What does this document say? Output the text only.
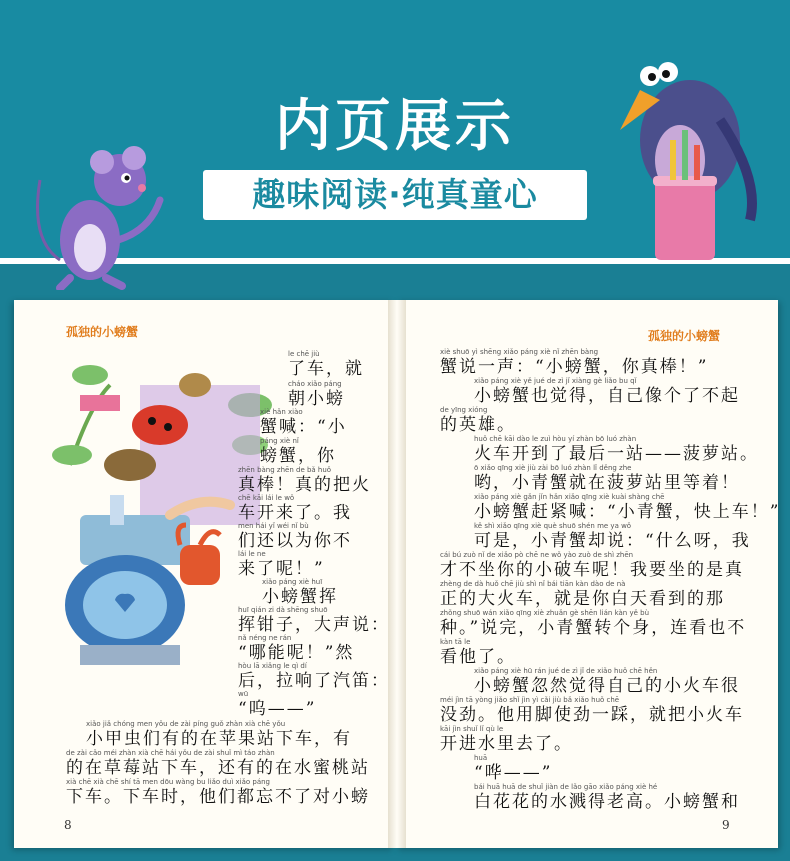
内页展示
趣味阅读·纯真童心
孤独的小螃蟹	孤独的小螃蟹
8	9
le chē jiù
了车，就
cháo xiǎo páng
朝小螃
xiè hǎn xiào
蟹喊：“小
páng xiè nǐ
螃蟹，你
zhēn bàng zhēn de bǎ huǒ
真棒！真的把火
chē kāi lái le wǒ
车开来了。我
men hái yǐ wéi nǐ bù
们还以为你不
lái le ne
来了呢！”
xiǎo páng xiè huī
小螃蟹挥
huī qián zi dà shēng shuō
挥钳子，大声说：
nǎ néng ne rán
“哪能呢！”然
hòu lā xiǎng le qì dí
后，拉响了汽笛：
wū
“呜——”
xiǎo jiǎ chóng men yǒu de zài píng guǒ zhàn xià chē yǒu
小甲虫们有的在苹果站下车，有
de zài cǎo méi zhàn xià chē hái yǒu de zài shuǐ mì táo zhàn
的在草莓站下车，还有的在水蜜桃站
xià chē xià chē shí tā men dōu wàng bu liǎo duì xiǎo páng
下车。下车时，他们都忘不了对小螃
xiè shuō yì shēng xiǎo páng xiè nǐ zhēn bàng
蟹说一声：“小螃蟹，你真棒！”
xiǎo páng xiè yě jué de zì jǐ xiàng gè liǎo bu qǐ
小螃蟹也觉得，自己像个了不起
de yīng xióng
的英雄。
huǒ chē kāi dào le zuì hòu yí zhàn bō luó zhàn
火车开到了最后一站——菠萝站。
ō xiǎo qīng xiè jiù zài bō luó zhàn lǐ děng zhe
哟，小青蟹就在菠萝站里等着！
xiǎo páng xiè gǎn jǐn hǎn xiǎo qīng xiè kuài shàng chē
小螃蟹赶紧喊：“小青蟹，快上车！”
kě shì xiǎo qīng xiè què shuō shén me ya wǒ
可是，小青蟹却说：“什么呀，我
cái bú zuò nǐ de xiǎo pò chē ne wǒ yào zuò de shì zhēn
才不坐你的小破车呢！我要坐的是真
zhèng de dà huǒ chē jiù shì nǐ bái tiān kàn dào de nà
正的大火车，就是你白天看到的那
zhǒng shuō wán xiǎo qīng xiè zhuǎn gè shēn lián kàn yě bù
种。”说完，小青蟹转个身，连看也不
kàn tā le
看他了。
xiǎo páng xiè hū rán jué de zì jǐ de xiǎo huǒ chē hěn
小螃蟹忽然觉得自己的小火车很
méi jìn tā yòng jiǎo shǐ jìn yì cǎi jiù bǎ xiǎo huǒ chē
没劲。他用脚使劲一踩，就把小火车
kāi jìn shuǐ lǐ qù le
开进水里去了。
huā
“哗——”
bái huā huā de shuǐ jiàn de lǎo gāo xiǎo páng xiè hé
白花花的水溅得老高。小螃蟹和
